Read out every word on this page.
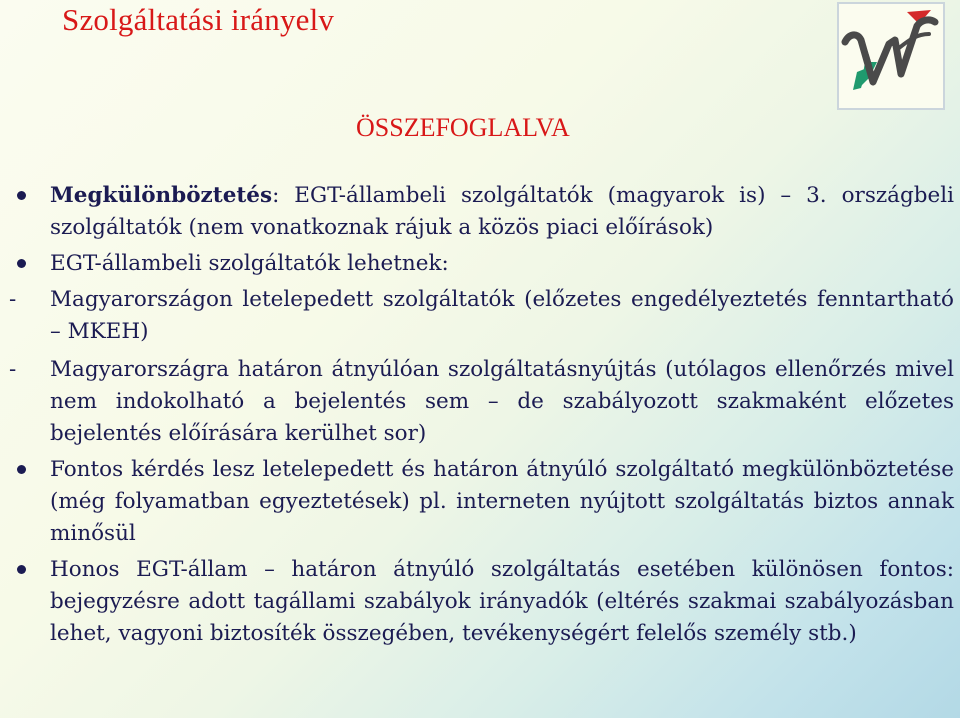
Szolgáltatási irányelv
ÖSSZEFOGLALVA

Megkülönböztetés: EGT-állambeli szolgáltatók (magyarok is) – 3. országbeli szolgáltatók (nem vonatkoznak rájuk a közös piaci előírások)

EGT-állambeli szolgáltatók lehetnek:

- Magyarországon letelepedett szolgáltatók (előzetes engedélyeztetés fenntartható – MKEH)

- Magyarországra határon átnyúlóan szolgáltatásnyújtás (utólagos ellenőrzés mivel nem indokolható a bejelentés sem – de szabályozott szakmaként előzetes bejelentés előírására kerülhet sor)

Fontos kérdés lesz letelepedett és határon átnyúló szolgáltató megkülönböztetése (még folyamatban egyeztetések) pl. interneten nyújtott szolgáltatás biztos annak minősül

Honos EGT-állam – határon átnyúló szolgáltatás esetében különösen fontos: bejegyzésre adott tagállami szabályok irányadók (eltérés szakmai szabályozásban lehet, vagyoni biztosíték összegében, tevékenységért felelős személy stb.)
